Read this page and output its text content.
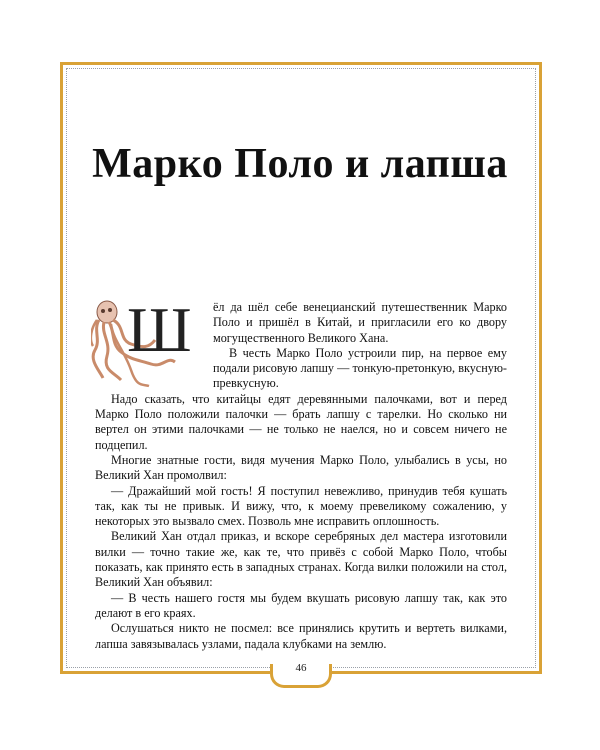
Марко Поло и лапша
Ш	ёл да шёл себе венецианский путешественник Марко Поло и пришёл в Китай, и пригласили его ко двору могущественного Великого Хана.

В честь Марко Поло устроили пир, на первое ему подали рисовую лапшу — тонкую-претонкую, вкусную-превкусную.

Надо сказать, что китайцы едят деревянными палочками, вот и перед Марко Поло положили палочки — брать лапшу с тарелки. Но сколько ни вертел он этими палочками — не только не наелся, но и совсем ничего не подцепил.

Многие знатные гости, видя мучения Марко Поло, улыбались в усы, но Великий Хан промолвил:

— Дражайший мой гость! Я поступил невежливо, принудив тебя кушать так, как ты не привык. И вижу, что, к моему превеликому сожалению, у некоторых это вызвало смех. Позволь мне исправить оплошность.

Великий Хан отдал приказ, и вскоре серебряных дел мастера изготовили вилки — точно такие же, как те, что привёз с собой Марко Поло, чтобы показать, как принято есть в западных странах. Когда вилки положили на стол, Великий Хан объявил:

— В честь нашего гостя мы будем вкушать рисовую лапшу так, как это делают в его краях.

Ослушаться никто не посмел: все принялись крутить и вертеть вилками, лапша завязывалась узлами, падала клубками на землю.

46
